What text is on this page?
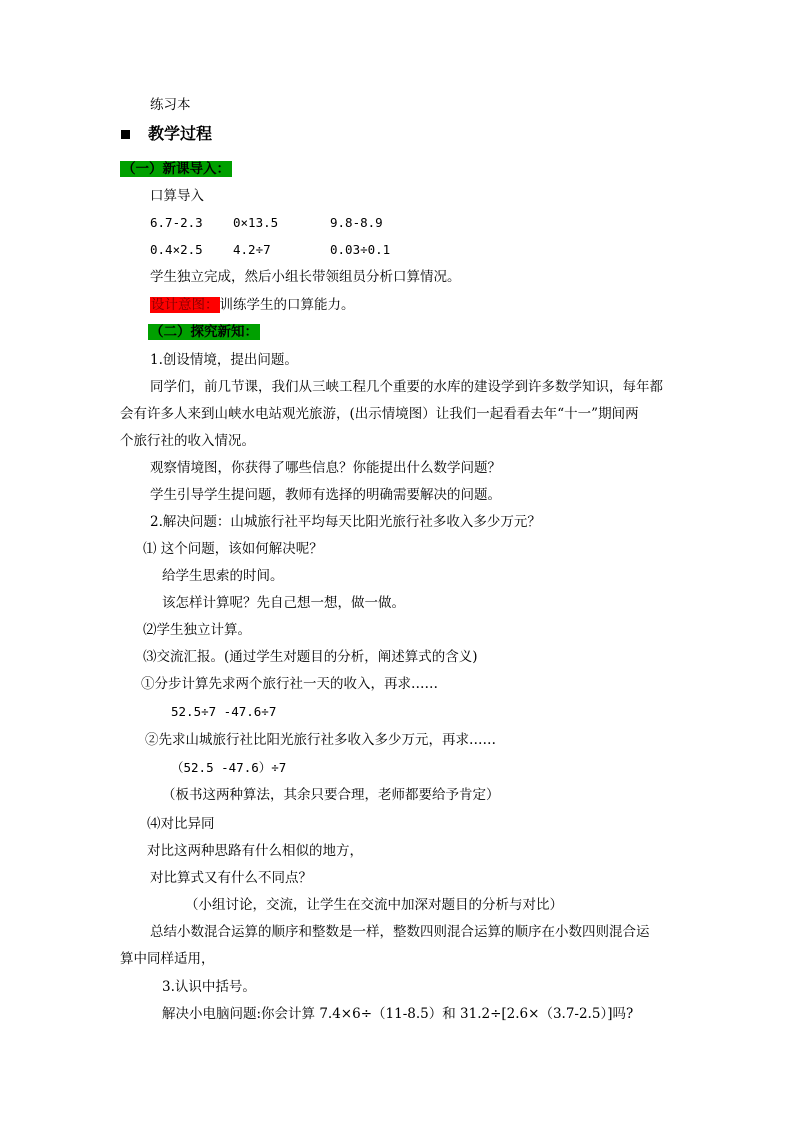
练习本
教学过程
（一）新课导入：
口算导入
6.7-2.3 0×13.5	9.8-8.9
0.4×2.5 4.2÷7	0.03÷0.1
学生独立完成，然后小组长带领组员分析口算情况。
设计意图：训练学生的口算能力。
（二）探究新知：
1.创设情境，提出问题。
同学们，前几节课，我们从三峡工程几个重要的水库的建设学到许多数学知识，每年都
会有许多人来到山峡水电站观光旅游，(出示情境图）让我们一起看看去年“十一”期间两
个旅行社的收入情况。
观察情境图，你获得了哪些信息？你能提出什么数学问题？
学生引导学生提问题，教师有选择的明确需要解决的问题。
2.解决问题：山城旅行社平均每天比阳光旅行社多收入多少万元？
⑴ 这个问题，该如何解决呢？
给学生思索的时间。
该怎样计算呢？先自己想一想，做一做。
⑵学生独立计算。
⑶交流汇报。(通过学生对题目的分析，阐述算式的含义)
①分步计算先求两个旅行社一天的收入，再求……
52.5÷7 -47.6÷7
②先求山城旅行社比阳光旅行社多收入多少万元，再求……
（52.5 -47.6）÷7
（板书这两种算法，其余只要合理，老师都要给予肯定）
⑷对比异同
对比这两种思路有什么相似的地方，
对比算式又有什么不同点？
（小组讨论，交流，让学生在交流中加深对题目的分析与对比）
总结小数混合运算的顺序和整数是一样，整数四则混合运算的顺序在小数四则混合运
算中同样适用，
3.认识中括号。
解决小电脑问题:你会计算 7.4×6÷（11-8.5）和 31.2÷[2.6×（3.7-2.5）]吗?
